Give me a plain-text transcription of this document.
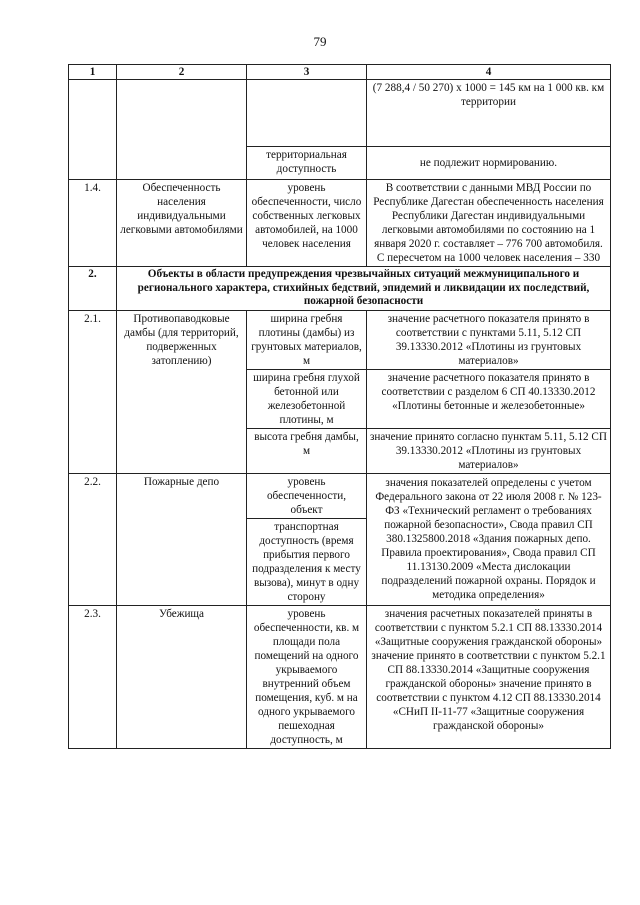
79
1	2	3	4
			(7 288,4 / 50 270) х 1000 = 145 км на 1 000 кв. км территории
		территориальная доступность	не подлежит нормированию.
1.4.	Обеспеченность населения индивидуальными легковыми автомобилями	уровень обеспеченности, число собственных легковых автомобилей, на 1000 человек населения	В соответствии с данными МВД России по Республике Дагестан обеспеченность населения Республики Дагестан индивидуальными легковыми автомобилями по состоянию на 1 января 2020 г. составляет – 776 700 автомобиля. С пересчетом на 1000 человек населения – 330
2.	Объекты в области предупреждения чрезвычайных ситуаций межмуниципального и регионального характера, стихийных бедствий, эпидемий и ликвидации их последствий, пожарной безопасности		
2.1.	Противопаводковые дамбы (для территорий, подверженных затоплению)	ширина гребня плотины (дамбы) из грунтовых материалов, м	значение расчетного показателя принято в соответствии с пунктами 5.11, 5.12 СП 39.13330.2012 «Плотины из грунтовых материалов»
		ширина гребня глухой бетонной или железобетонной плотины, м	значение расчетного показателя принято в соответствии с разделом 6 СП 40.13330.2012 «Плотины бетонные и железобетонные»
		высота гребня дамбы, м	значение принято согласно пунктам 5.11, 5.12 СП 39.13330.2012 «Плотины из грунтовых материалов»
2.2.	Пожарные депо	уровень обеспеченности, объект	значения показателей определены с учетом Федерального закона от 22 июля 2008 г. № 123-ФЗ «Технический регламент о требованиях пожарной безопасности», Свода правил СП 380.1325800.2018 «Здания пожарных депо. Правила проектирования», Свода правил СП 11.13130.2009 «Места дислокации подразделений пожарной охраны. Порядок и методика определения»
		транспортная доступность (время прибытия первого подразделения к месту вызова), минут в одну сторону	
2.3.	Убежища	уровень обеспеченности, кв. м площади пола помещений на одного укрываемого внутренний объем помещения, куб. м на одного укрываемого пешеходная доступность, м	значения расчетных показателей приняты в соответствии с пунктом 5.2.1 СП 88.13330.2014 «Защитные сооружения гражданской обороны» значение принято в соответствии с пунктом 5.2.1 СП 88.13330.2014 «Защитные сооружения гражданской обороны» значение принято в соответствии с пунктом 4.12 СП 88.13330.2014 «СНиП II-11-77 «Защитные сооружения гражданской обороны»
